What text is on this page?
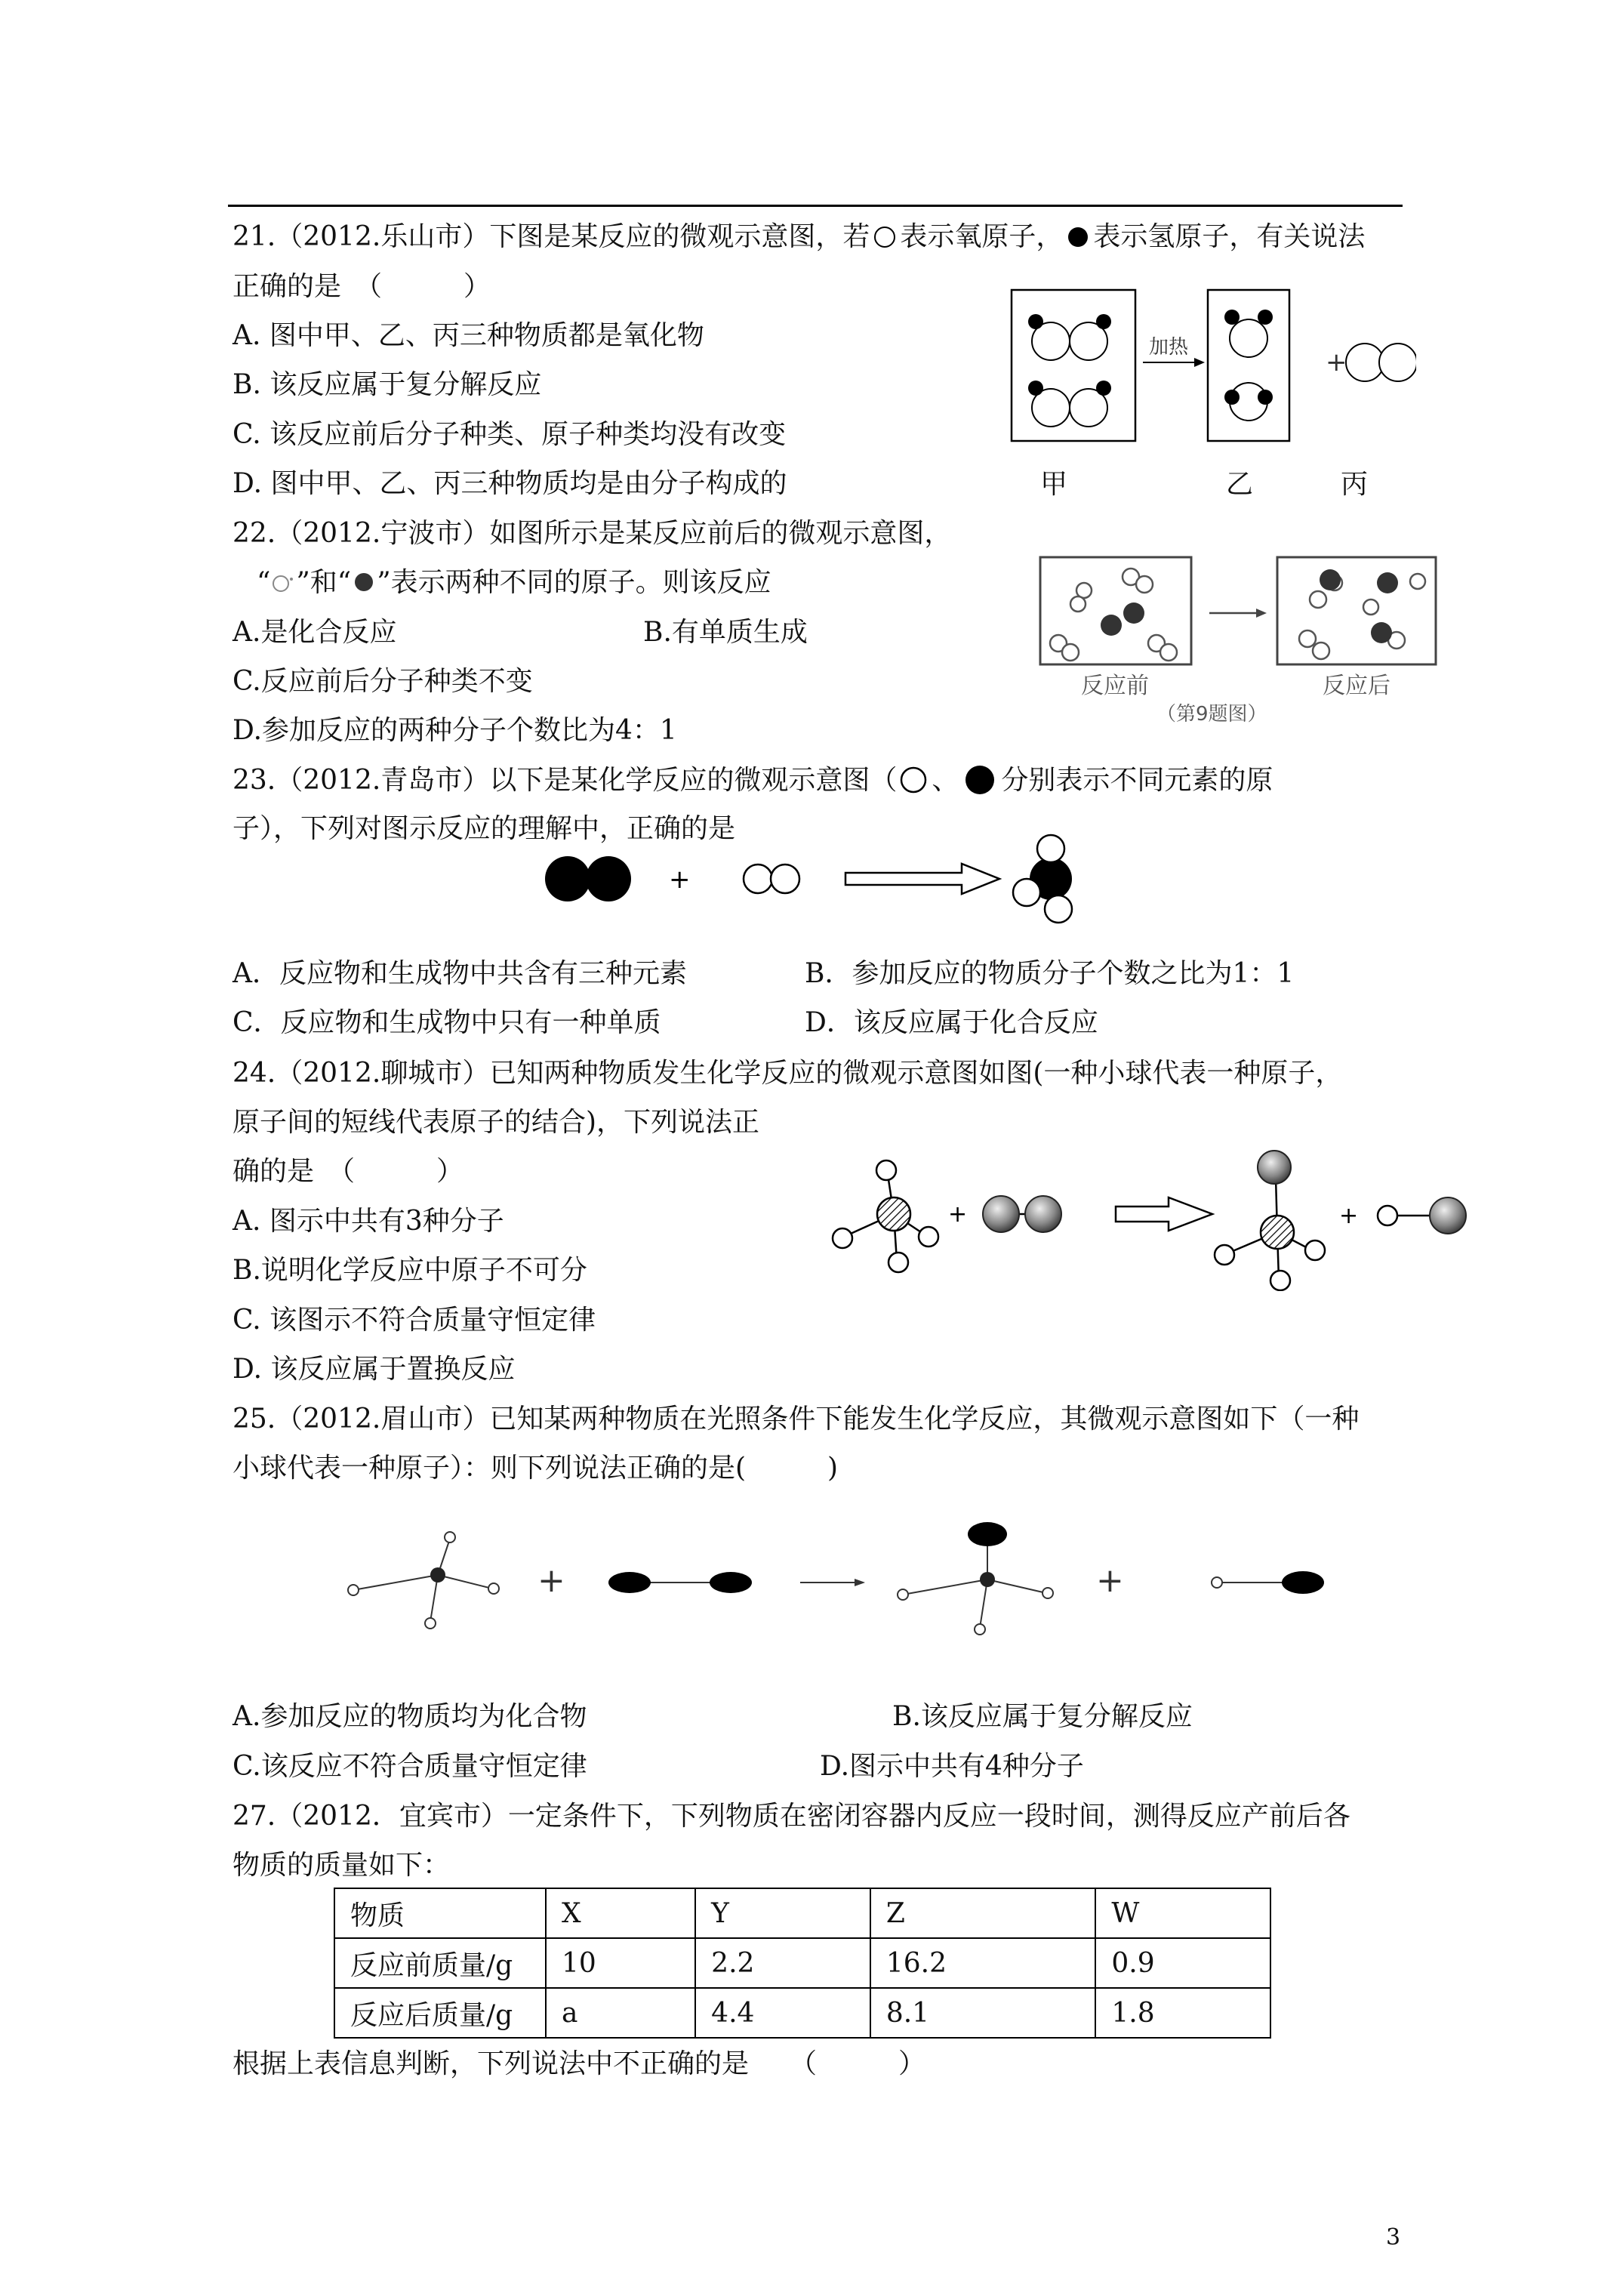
21.（2012.乐山市）下图是某反应的微观示意图，若 表示氧原子， 表示氢原子，有关说法
正确的是　（　　　）
A. 图中甲、乙、丙三种物质都是氧化物
B. 该反应属于复分解反应
C. 该反应前后分子种类、原子种类均没有改变
D. 图中甲、乙、丙三种物质均是由分子构成的
加热	+
甲	乙	丙
22.（2012.宁波市）如图所示是某反应前后的微观示意图，
“ ”和“ ”表示两种不同的原子。则该反应
A.是化合反应	B.有单质生成
C.反应前后分子种类不变
D.参加反应的两种分子个数比为4：1
反应前	反应后
（第9题图）
23.（2012.青岛市）以下是某化学反应的微观示意图（ 、 分别表示不同元素的原
子），下列对图示反应的理解中，正确的是
+
A．反应物和生成物中共含有三种元素	B．参加反应的物质分子个数之比为1：1
C．反应物和生成物中只有一种单质	D．该反应属于化合反应
24.（2012.聊城市）已知两种物质发生化学反应的微观示意图如图(一种小球代表一种原子，
原子间的短线代表原子的结合)，下列说法正
确的是　（　　　）
A. 图示中共有3种分子
B.说明化学反应中原子不可分
C. 该图示不符合质量守恒定律
D. 该反应属于置换反应
+	+
25.（2012.眉山市）已知某两种物质在光照条件下能发生化学反应，其微观示意图如下（一种
小球代表一种原子）：则下列说法正确的是(　　　)
+	+
A.参加反应的物质均为化合物	B.该反应属于复分解反应
C.该反应不符合质量守恒定律	D.图示中共有4种分子
27.（2012．宜宾市）一定条件下，下列物质在密闭容器内反应一段时间，测得反应产前后各
物质的质量如下：
物质	X	Y	Z	W
反应前质量/g	10	2.2	16.2	0.9
反应后质量/g	a	4.4	8.1	1.8
根据上表信息判断，下列说法中不正确的是　　（　　　）
3
